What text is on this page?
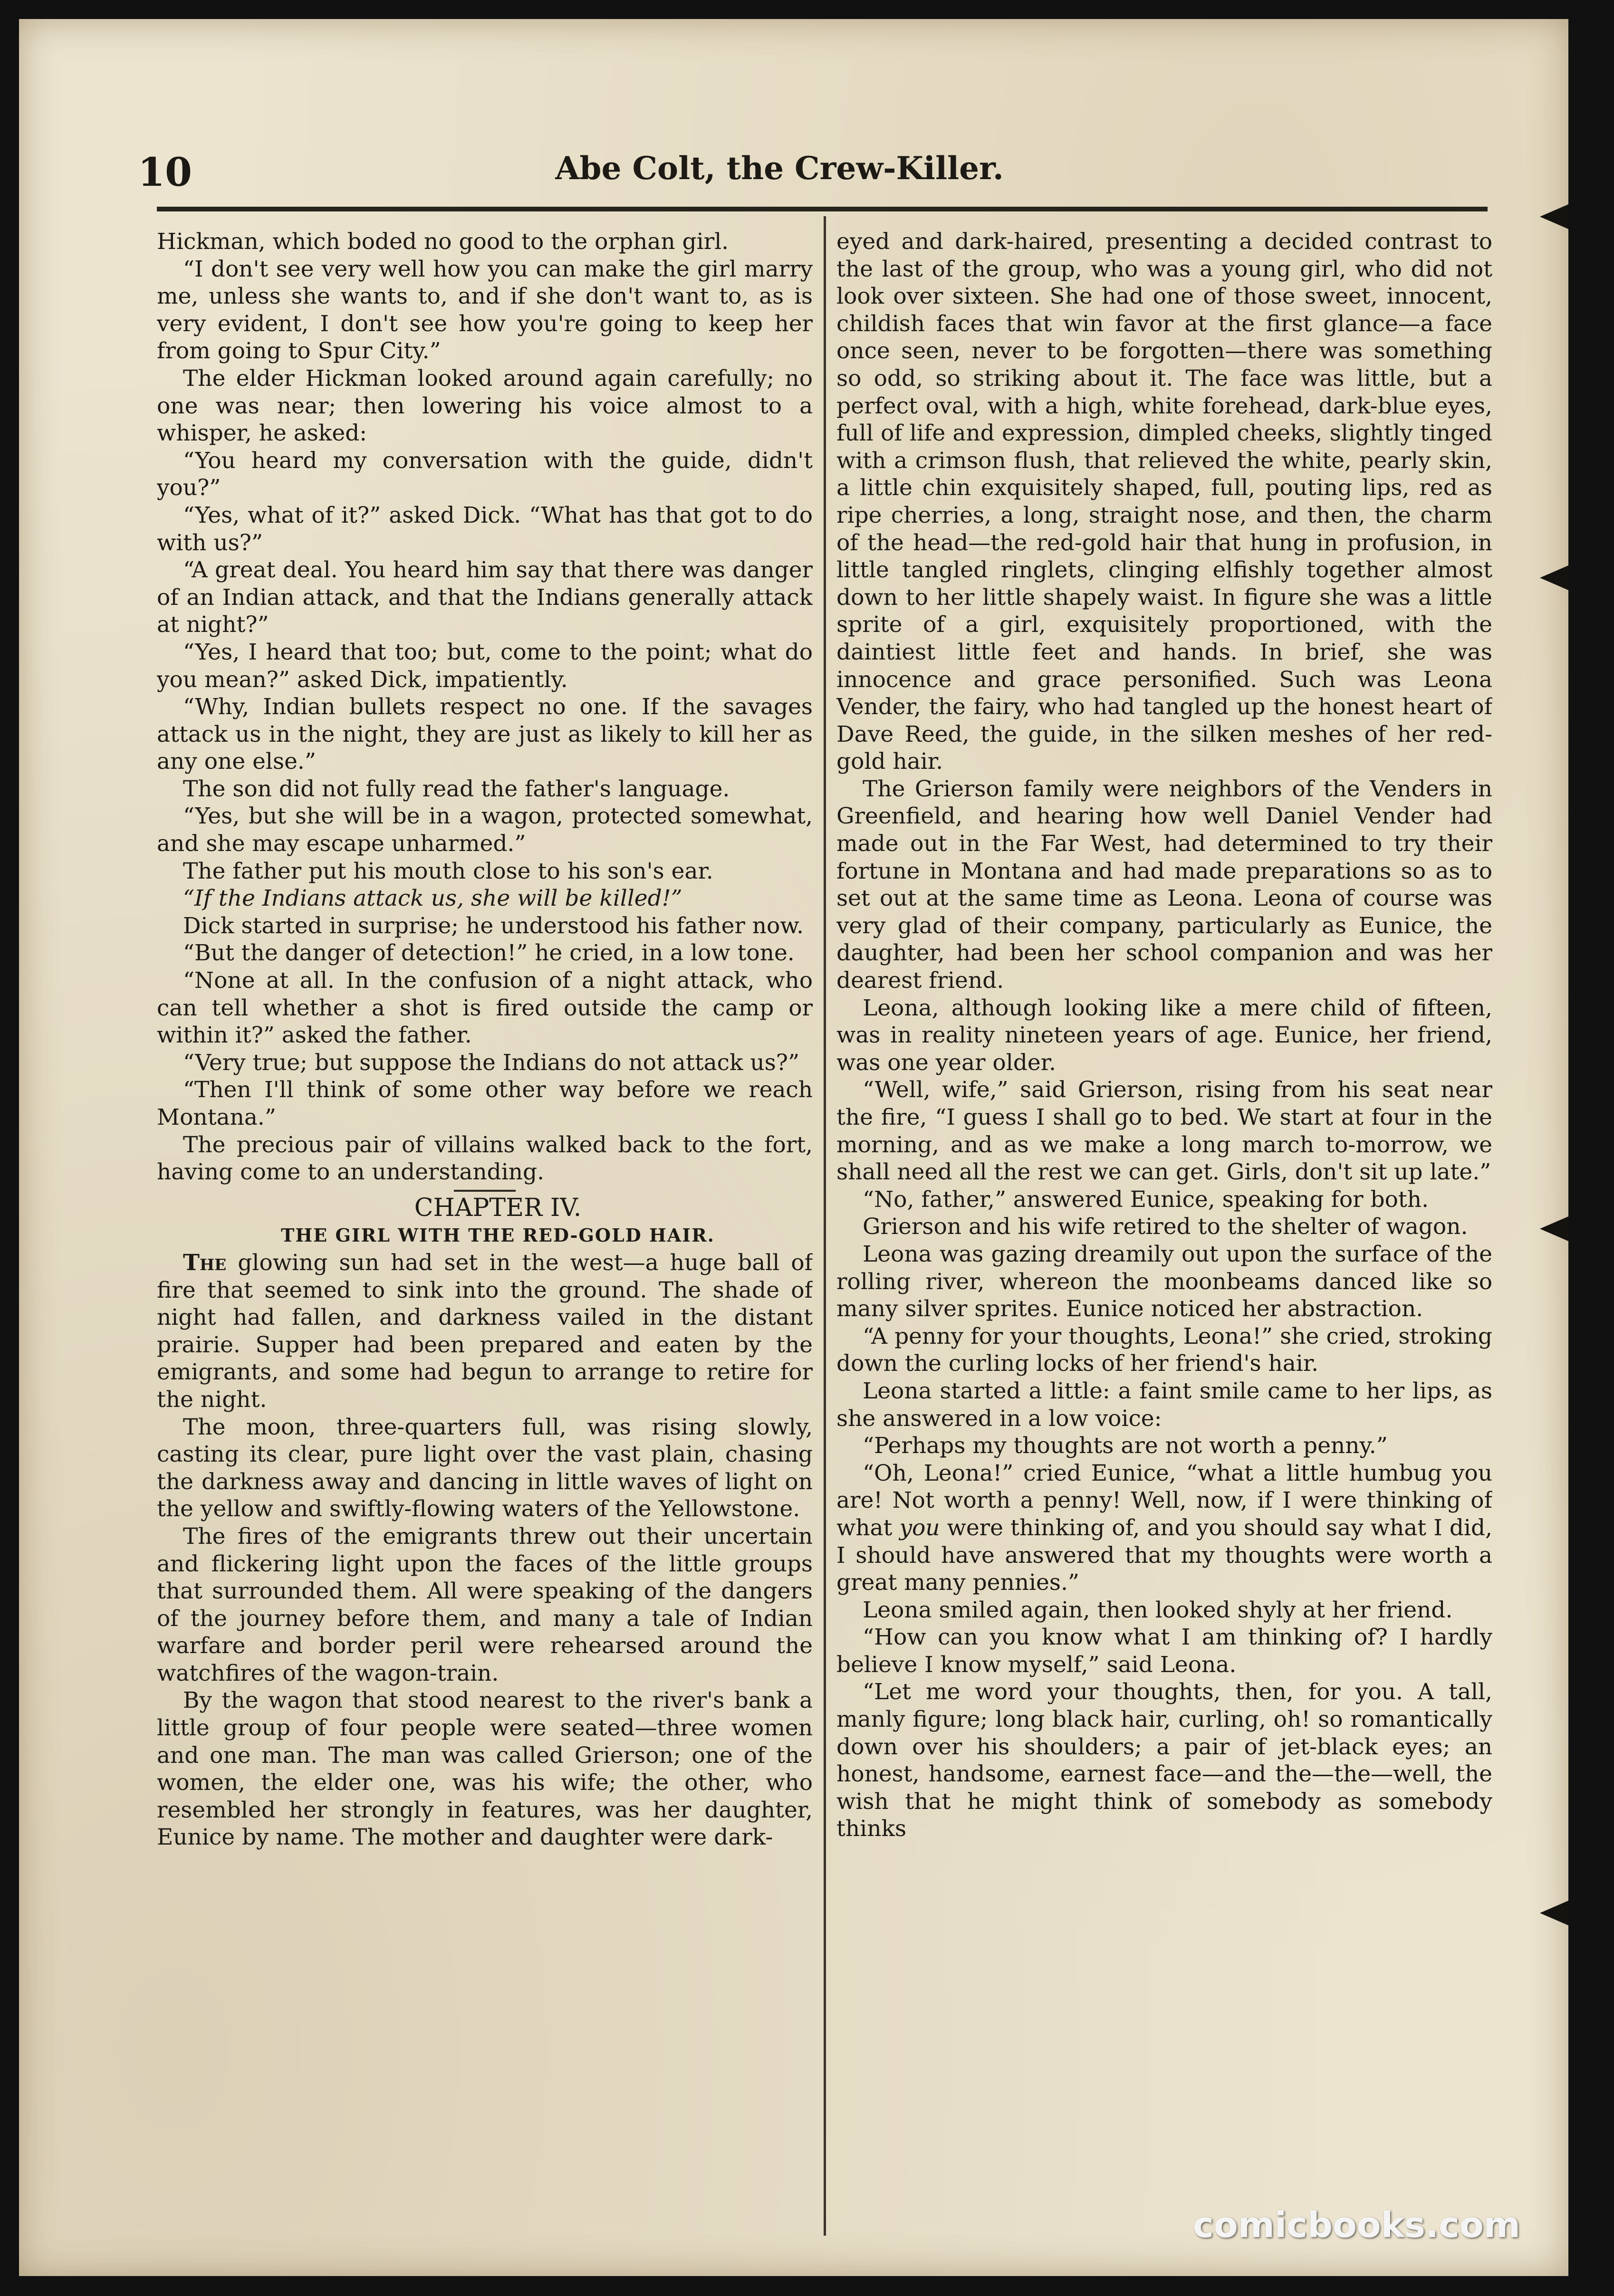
10	Abe Colt, the Crew-Killer.

Hickman, which boded no good to the orphan girl.

“I don't see very well how you can make the girl marry me, unless she wants to, and if she don't want to, as is very evident, I don't see how you're going to keep her from going to Spur City.”

The elder Hickman looked around again carefully; no one was near; then lowering his voice almost to a whisper, he asked:

“You heard my conversation with the guide, didn't you?”

“Yes, what of it?” asked Dick. “What has that got to do with us?”

“A great deal. You heard him say that there was danger of an Indian attack, and that the Indians generally attack at night?”

“Yes, I heard that too; but, come to the point; what do you mean?” asked Dick, impatiently.

“Why, Indian bullets respect no one. If the savages attack us in the night, they are just as likely to kill her as any one else.”

The son did not fully read the father's language.

“Yes, but she will be in a wagon, protected somewhat, and she may escape unharmed.”

The father put his mouth close to his son's ear.

“If the Indians attack us, she will be killed!”

Dick started in surprise; he understood his father now.

“But the danger of detection!” he cried, in a low tone.

“None at all. In the confusion of a night attack, who can tell whether a shot is fired outside the camp or within it?” asked the father.

“Very true; but suppose the Indians do not attack us?”

“Then I'll think of some other way before we reach Montana.”

The precious pair of villains walked back to the fort, having come to an understanding.

CHAPTER IV.

THE GIRL WITH THE RED-GOLD HAIR.

The glowing sun had set in the west—a huge ball of fire that seemed to sink into the ground. The shade of night had fallen, and darkness vailed in the distant prairie. Supper had been prepared and eaten by the emigrants, and some had begun to arrange to retire for the night.

The moon, three-quarters full, was rising slowly, casting its clear, pure light over the vast plain, chasing the darkness away and dancing in little waves of light on the yellow and swiftly-flowing waters of the Yellowstone.

The fires of the emigrants threw out their uncertain and flickering light upon the faces of the little groups that surrounded them. All were speaking of the dangers of the journey before them, and many a tale of Indian warfare and border peril were rehearsed around the watchfires of the wagon-train.

By the wagon that stood nearest to the river's bank a little group of four people were seated—three women and one man. The man was called Grierson; one of the women, the elder one, was his wife; the other, who resembled her strongly in features, was her daughter, Eunice by name. The mother and daughter were dark-

eyed and dark-haired, presenting a decided contrast to the last of the group, who was a young girl, who did not look over sixteen. She had one of those sweet, innocent, childish faces that win favor at the first glance—a face once seen, never to be forgotten—there was something so odd, so striking about it. The face was little, but a perfect oval, with a high, white forehead, dark-blue eyes, full of life and expression, dimpled cheeks, slightly tinged with a crimson flush, that relieved the white, pearly skin, a little chin exquisitely shaped, full, pouting lips, red as ripe cherries, a long, straight nose, and then, the charm of the head—the red-gold hair that hung in profusion, in little tangled ringlets, clinging elfishly together almost down to her little shapely waist. In figure she was a little sprite of a girl, exquisitely proportioned, with the daintiest little feet and hands. In brief, she was innocence and grace personified. Such was Leona Vender, the fairy, who had tangled up the honest heart of Dave Reed, the guide, in the silken meshes of her red-gold hair.

The Grierson family were neighbors of the Venders in Greenfield, and hearing how well Daniel Vender had made out in the Far West, had determined to try their fortune in Montana and had made preparations so as to set out at the same time as Leona. Leona of course was very glad of their company, particularly as Eunice, the daughter, had been her school companion and was her dearest friend.

Leona, although looking like a mere child of fifteen, was in reality nineteen years of age. Eunice, her friend, was one year older.

“Well, wife,” said Grierson, rising from his seat near the fire, “I guess I shall go to bed. We start at four in the morning, and as we make a long march to-morrow, we shall need all the rest we can get. Girls, don't sit up late.”

“No, father,” answered Eunice, speaking for both.

Grierson and his wife retired to the shelter of wagon.

Leona was gazing dreamily out upon the surface of the rolling river, whereon the moonbeams danced like so many silver sprites. Eunice noticed her abstraction.

“A penny for your thoughts, Leona!” she cried, stroking down the curling locks of her friend's hair.

Leona started a little: a faint smile came to her lips, as she answered in a low voice:

“Perhaps my thoughts are not worth a penny.”

“Oh, Leona!” cried Eunice, “what a little humbug you are! Not worth a penny! Well, now, if I were thinking of what you were thinking of, and you should say what I did, I should have answered that my thoughts were worth a great many pennies.”

Leona smiled again, then looked shyly at her friend.

“How can you know what I am thinking of? I hardly believe I know myself,” said Leona.

“Let me word your thoughts, then, for you. A tall, manly figure; long black hair, curling, oh! so romantically down over his shoulders; a pair of jet-black eyes; an honest, handsome, earnest face—and the—the—well, the wish that he might think of somebody as somebody thinks

comicbooks.com
